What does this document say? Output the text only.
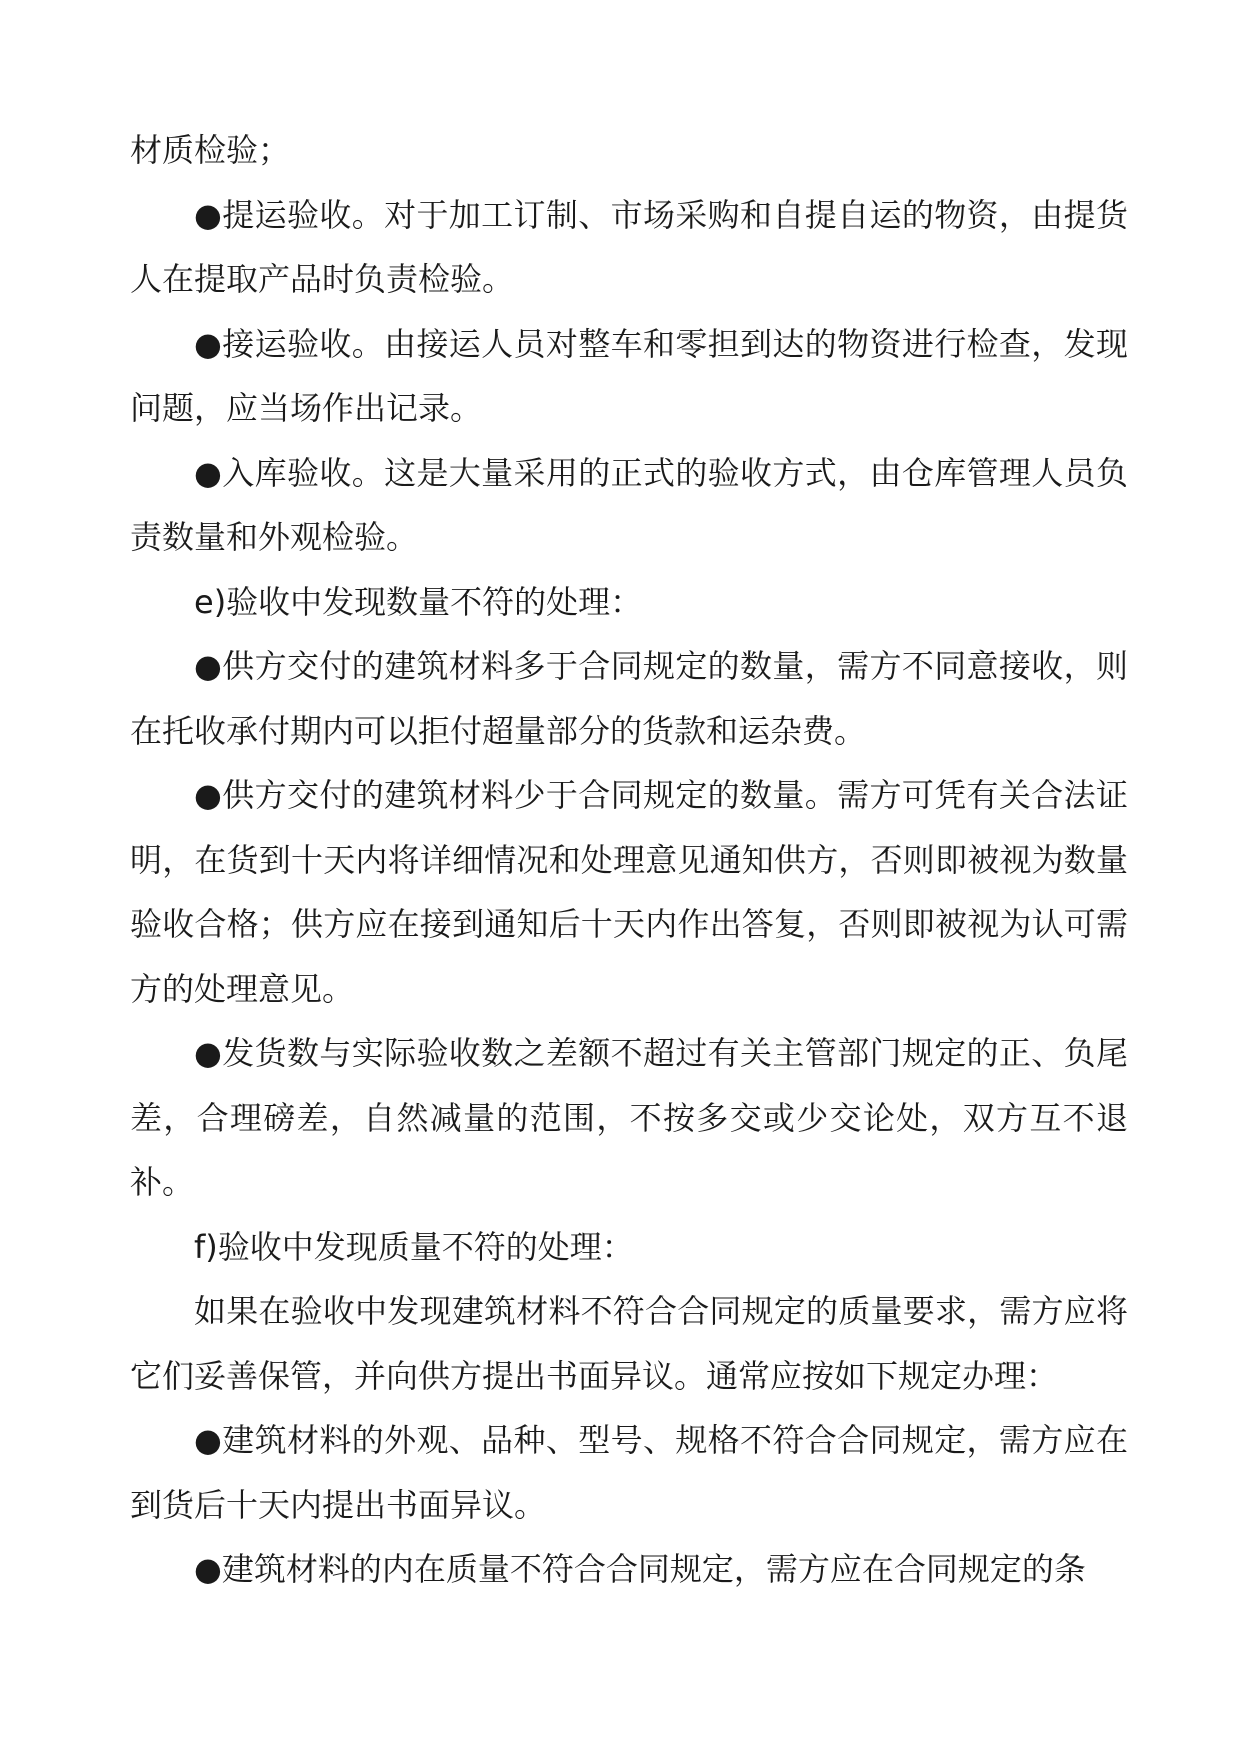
材质检验；

●提运验收。对于加工订制、市场采购和自提自运的物资，由提货人在提取产品时负责检验。

●接运验收。由接运人员对整车和零担到达的物资进行检查，发现问题，应当场作出记录。

●入库验收。这是大量采用的正式的验收方式，由仓库管理人员负责数量和外观检验。

e)验收中发现数量不符的处理：

●供方交付的建筑材料多于合同规定的数量，需方不同意接收，则在托收承付期内可以拒付超量部分的货款和运杂费。

●供方交付的建筑材料少于合同规定的数量。需方可凭有关合法证明，在货到十天内将详细情况和处理意见通知供方，否则即被视为数量验收合格；供方应在接到通知后十天内作出答复，否则即被视为认可需方的处理意见。

●发货数与实际验收数之差额不超过有关主管部门规定的正、负尾差，合理磅差，自然减量的范围，不按多交或少交论处，双方互不退补。

f)验收中发现质量不符的处理：

如果在验收中发现建筑材料不符合合同规定的质量要求，需方应将它们妥善保管，并向供方提出书面异议。通常应按如下规定办理：

●建筑材料的外观、品种、型号、规格不符合合同规定，需方应在到货后十天内提出书面异议。

●建筑材料的内在质量不符合合同规定，需方应在合同规定的条
